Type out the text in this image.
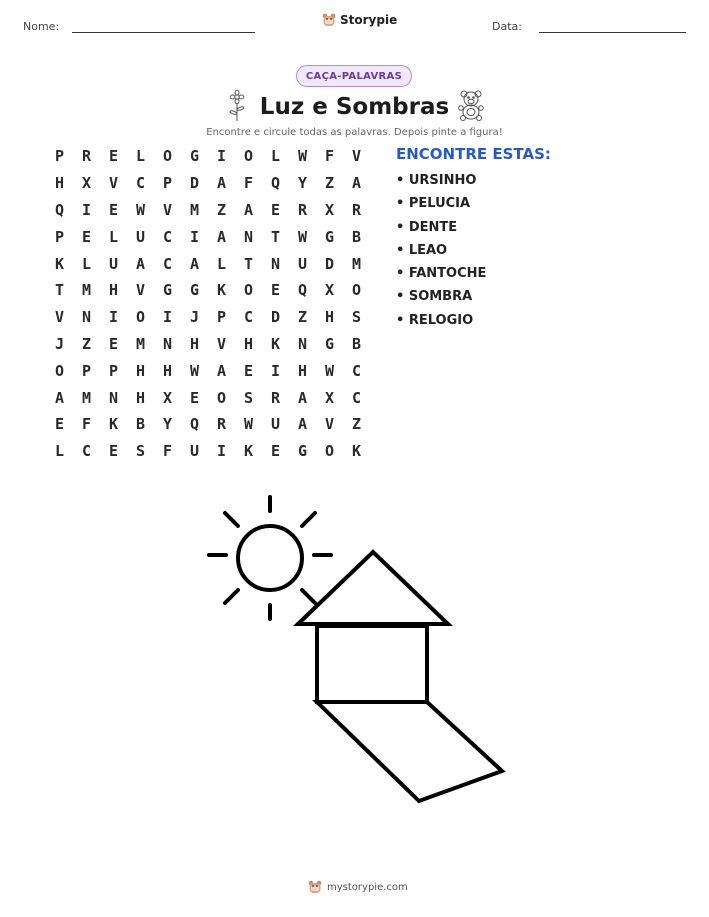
Nome:	Storypie	Data:
CAÇA-PALAVRAS
Luz e Sombras
Encontre e circule todas as palavras. Depois pinte a figura!
P	R	E	L	O	G	I	O	L	W	F	V
H	X	V	C	P	D	A	F	Q	Y	Z	A
Q	I	E	W	V	M	Z	A	E	R	X	R
P	E	L	U	C	I	A	N	T	W	G	B
K	L	U	A	C	A	L	T	N	U	D	M
T	M	H	V	G	G	K	O	E	Q	X	O
V	N	I	O	I	J	P	C	D	Z	H	S
J	Z	E	M	N	H	V	H	K	N	G	B
O	P	P	H	H	W	A	E	I	H	W	C
A	M	N	H	X	E	O	S	R	A	X	C
E	F	K	B	Y	Q	R	W	U	A	V	Z
L	C	E	S	F	U	I	K	E	G	O	K
ENCONTRE ESTAS:
• URSINHO
• PELUCIA
• DENTE
• LEAO
• FANTOCHE
• SOMBRA
• RELOGIO
mystorypie.com
